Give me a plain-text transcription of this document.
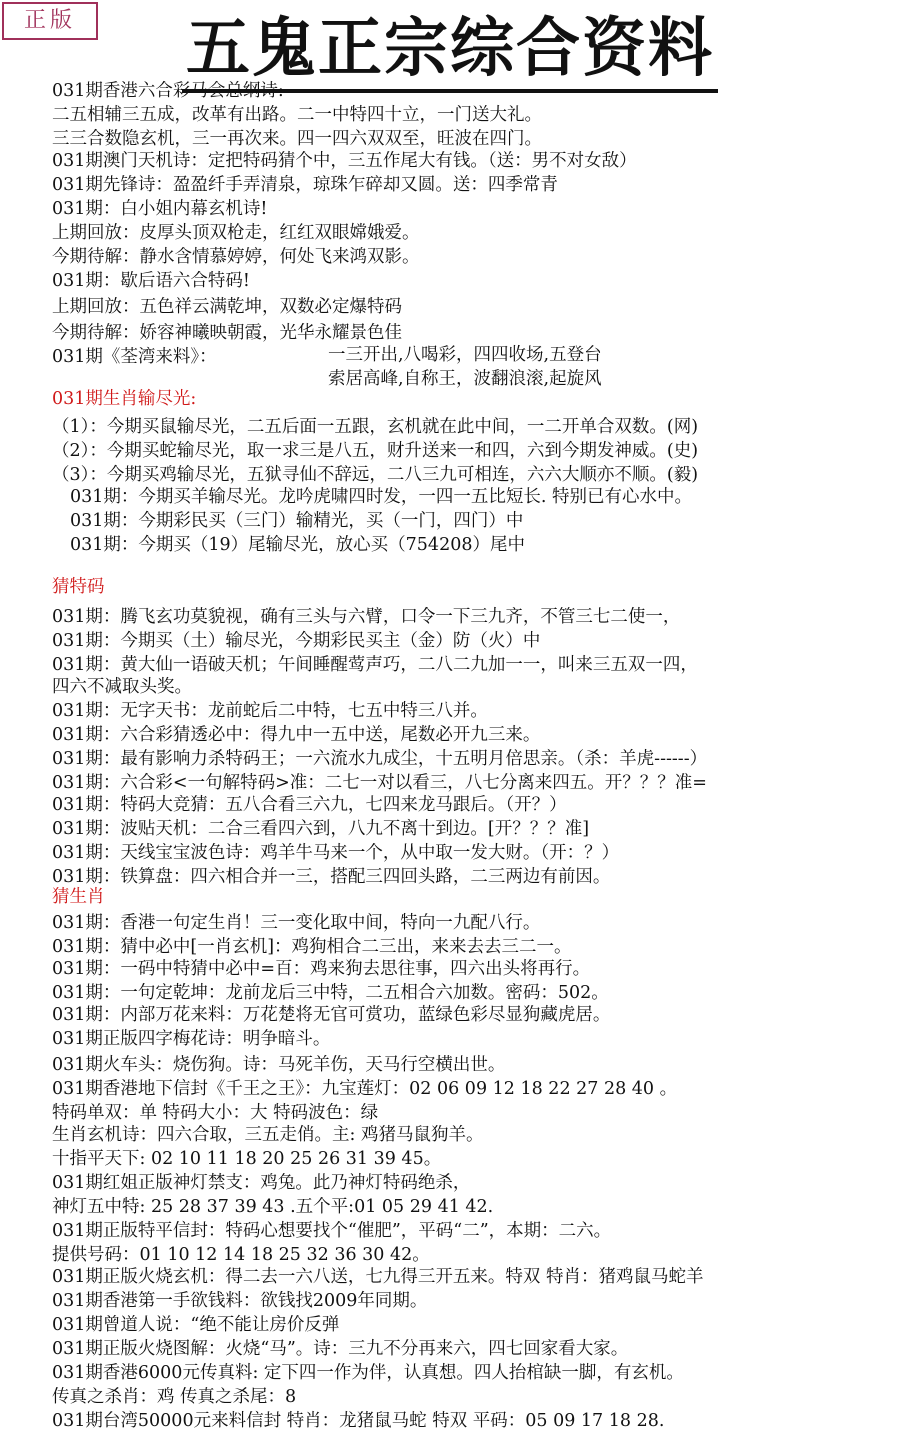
正版	五鬼正宗综合资料
031期香港六合彩马会总纲诗:
二五相辅三五成，改革有出路。二一中特四十立，一门送大礼。
三三合数隐玄机，三一再次来。四一四六双双至，旺波在四门。
031期澳门天机诗：定把特码猜个中，三五作尾大有钱。（送：男不对女敌）
031期先锋诗：盈盈纤手弄清泉，琼珠乍碎却又圆。送：四季常青
031期：白小姐内幕玄机诗!
上期回放：皮厚头顶双枪走，红红双眼嫦娥爱。
今期待解：静水含情慕婷婷，何处飞来鸿双影。
031期：歇后语六合特码!
上期回放：五色祥云满乾坤，双数必定爆特码
今期待解：娇容神曦映朝霞，光华永耀景色佳
031期《荃湾来料》：	一三开出,八喝彩，四四收场,五登台
索居高峰,自称王，波翻浪滚,起旋风
031期生肖输尽光:
（1）：今期买鼠输尽光，二五后面一五跟，玄机就在此中间，一二开单合双数。(网)
（2）：今期买蛇输尽光，取一求三是八五，财升送来一和四，六到今期发神威。(史)
（3）：今期买鸡输尽光，五狱寻仙不辞远，二八三九可相连，六六大顺亦不顺。(毅)
031期：今期买羊输尽光。龙吟虎啸四时发，一四一五比短长. 特别已有心水中。
031期：今期彩民买（三门）输精光，买（一门，四门）中
031期：今期买（19）尾输尽光，放心买（754208）尾中
猜特码
031期：腾飞玄功莫貌视，确有三头与六臂，口令一下三九齐，不管三七二使一，
031期：今期买（土）输尽光，今期彩民买主（金）防（火）中
031期：黄大仙一语破天机；午间睡醒莺声巧，二八二九加一一，叫来三五双一四，
四六不减取头奖。
031期：无字天书：龙前蛇后二中特，七五中特三八并。
031期：六合彩猜透必中：得九中一五中送，尾数必开九三来。
031期：最有影响力杀特码王；一六流水九成尘，十五明月倍思亲。（杀：羊虎------）
031期：六合彩<一句解特码>准：二七一对以看三，八七分离来四五。开？？？准=
031期：特码大竞猜：五八合看三六九，七四来龙马跟后。（开？）
031期：波贴天机：二合三看四六到，八九不离十到边。[开？？？准]
031期：天线宝宝波色诗：鸡羊牛马来一个，从中取一发大财。（开：？）
031期：铁算盘：四六相合并一三，搭配三四回头路，二三两边有前因。
猜生肖
031期：香港一句定生肖！三一变化取中间，特向一九配八行。
031期：猜中必中[一肖玄机]：鸡狗相合二三出，来来去去三二一。
031期：一码中特猜中必中=百：鸡来狗去思往事，四六出头将再行。
031期：一句定乾坤：龙前龙后三中特，二五相合六加数。密码：502。
031期：内部万花来料：万花楚将无官可赏功，蓝绿色彩尽显狗藏虎居。
031期正版四字梅花诗：明争暗斗。
031期火车头：烧伤狗。诗：马死羊伤，天马行空横出世。
031期香港地下信封《千王之王》：九宝莲灯：02 06 09 12 18 22 27 28 40 。
特码单双：单 特码大小：大 特码波色：绿
生肖玄机诗：四六合取，三五走俏。主: 鸡猪马鼠狗羊。
十指平天下: 02 10 11 18 20 25 26 31 39 45。
031期红姐正版神灯禁支：鸡兔。此乃神灯特码绝杀，
神灯五中特: 25 28 37 39 43 .五个平:01 05 29 41 42.
031期正版特平信封：特码心想要找个“催肥”，平码“二”，本期：二六。
提供号码：01 10 12 14 18 25 32 36 30 42。
031期正版火烧玄机：得二去一六八送，七九得三开五来。特双 特肖：猪鸡鼠马蛇羊
031期香港第一手欲钱料：欲钱找2009年同期。
031期曾道人说：“绝不能让房价反弹
031期正版火烧图解：火烧“马”。诗：三九不分再来六，四七回家看大家。
031期香港6000元传真料: 定下四一作为伴，认真想。四人抬棺缺一脚，有玄机。
传真之杀肖：鸡 传真之杀尾：8
031期台湾50000元来料信封 特肖：龙猪鼠马蛇 特双 平码：05 09 17 18 28.
